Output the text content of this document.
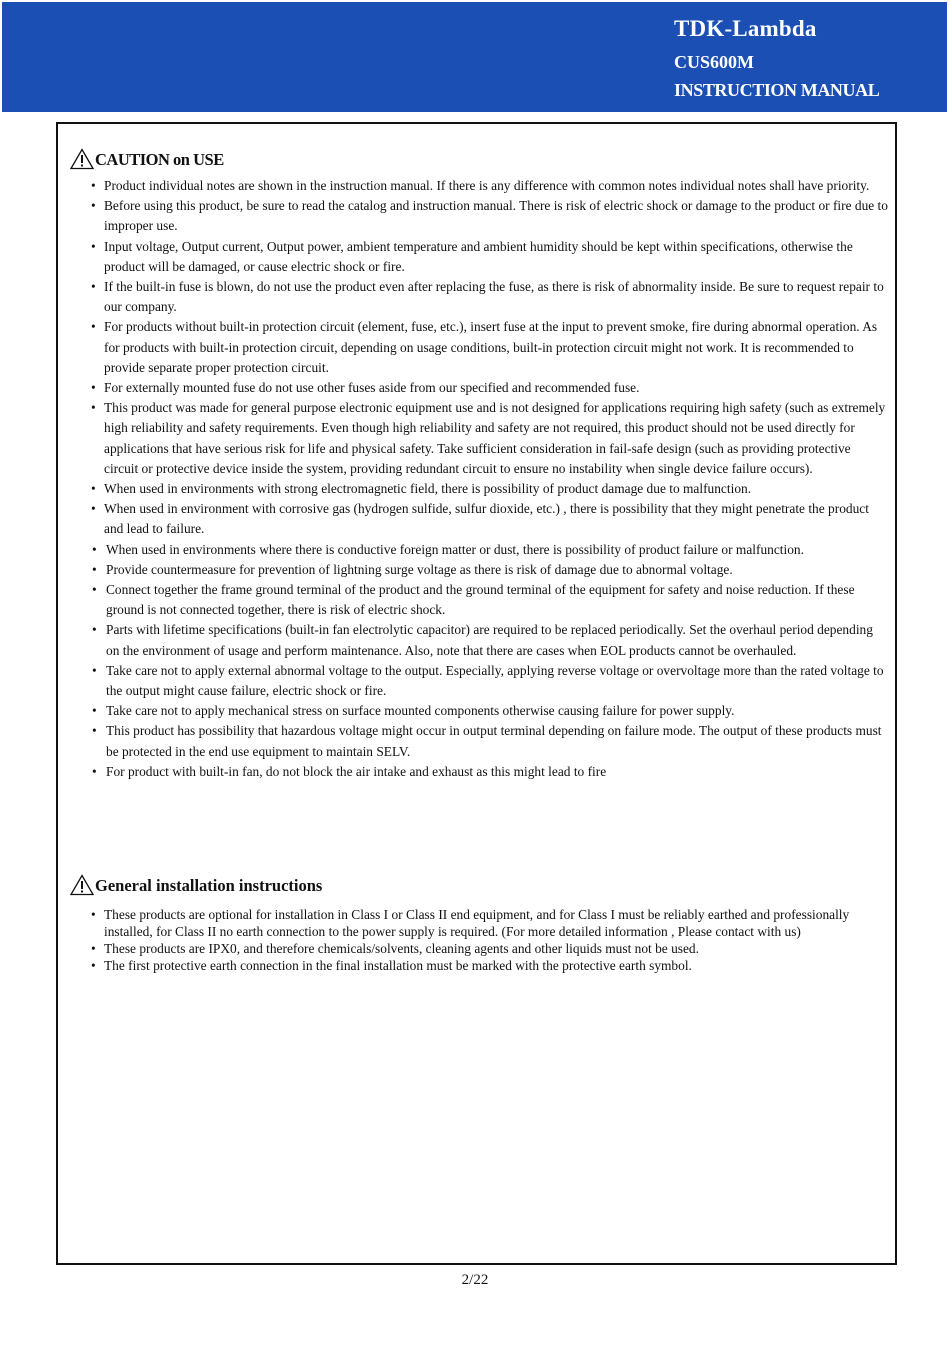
TDK-Lambda
CUS600M
INSTRUCTION MANUAL
CAUTION on USE
• Product individual notes are shown in the instruction manual. If there is any difference with common notes individual notes shall have priority.
• Before using this product, be sure to read the catalog and instruction manual. There is risk of electric shock or damage to the product or fire due to improper use.
• Input voltage, Output current, Output power, ambient temperature and ambient humidity should be kept within specifications, otherwise the product will be damaged, or cause electric shock or fire.
• If the built-in fuse is blown, do not use the product even after replacing the fuse, as there is risk of abnormality inside. Be sure to request repair to our company.
• For products without built-in protection circuit (element, fuse, etc.), insert fuse at the input to prevent smoke, fire during abnormal operation. As for products with built-in protection circuit, depending on usage conditions, built-in protection circuit might not work. It is recommended to provide separate proper protection circuit.
• For externally mounted fuse do not use other fuses aside from our specified and recommended fuse.
• This product was made for general purpose electronic equipment use and is not designed for applications requiring high safety (such as extremely high reliability and safety requirements. Even though high reliability and safety are not required, this product should not be used directly for applications that have serious risk for life and physical safety. Take sufficient consideration in fail-safe design (such as providing protective circuit or protective device inside the system, providing redundant circuit to ensure no instability when single device failure occurs).
• When used in environments with strong electromagnetic field, there is possibility of product damage due to malfunction.
• When used in environment with corrosive gas (hydrogen sulfide, sulfur dioxide, etc.) , there is possibility that they might penetrate the product and lead to failure.
• When used in environments where there is conductive foreign matter or dust, there is possibility of product failure or malfunction.
• Provide countermeasure for prevention of lightning surge voltage as there is risk of damage due to abnormal voltage.
• Connect together the frame ground terminal of the product and the ground terminal of the equipment for safety and noise reduction. If these ground is not connected together, there is risk of electric shock.
• Parts with lifetime specifications (built-in fan electrolytic capacitor) are required to be replaced periodically. Set the overhaul period depending on the environment of usage and perform maintenance. Also, note that there are cases when EOL products cannot be overhauled.
• Take care not to apply external abnormal voltage to the output. Especially, applying reverse voltage or overvoltage more than the rated voltage to the output might cause failure, electric shock or fire.
• Take care not to apply mechanical stress on surface mounted components otherwise causing failure for power supply.
• This product has possibility that hazardous voltage might occur in output terminal depending on failure mode. The output of these products must be protected in the end use equipment to maintain SELV.
• For product with built-in fan, do not block the air intake and exhaust as this might lead to fire
General installation instructions
• These products are optional for installation in Class I or Class II end equipment, and for Class I must be reliably earthed and professionally installed, for Class II no earth connection to the power supply is required. (For more detailed information , Please contact with us)
• These products are IPX0, and therefore chemicals/solvents, cleaning agents and other liquids must not be used.
• The first protective earth connection in the final installation must be marked with the protective earth symbol.
2/22
